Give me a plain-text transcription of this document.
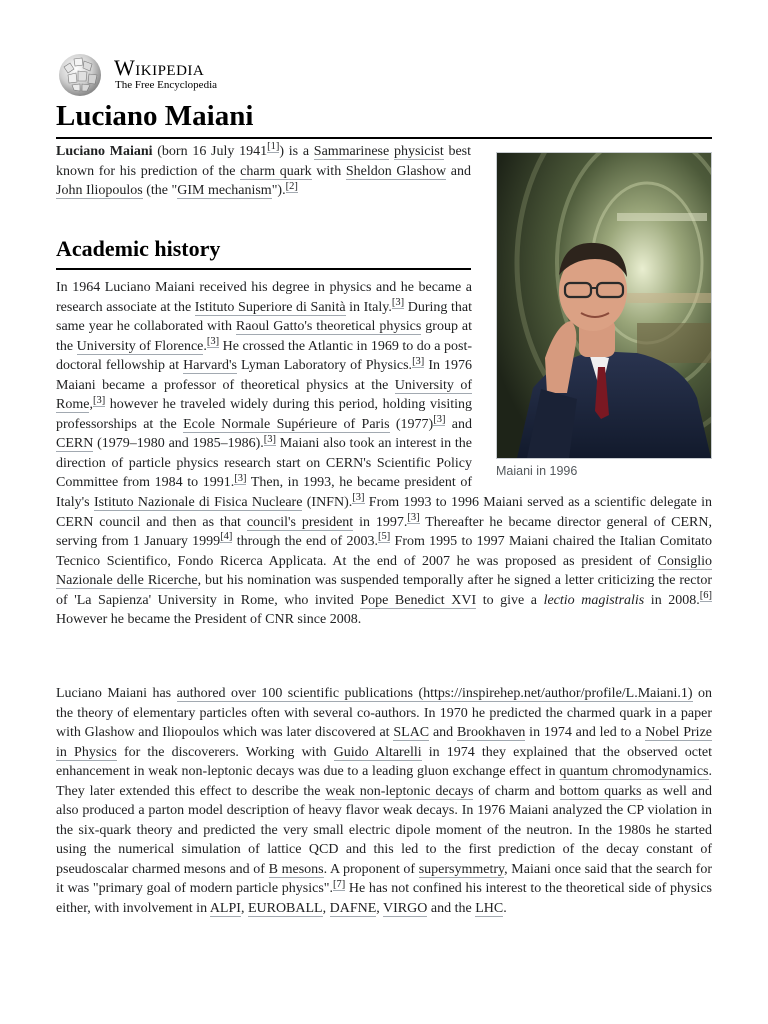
Wikipedia
The Free Encyclopedia
Luciano Maiani

Luciano Maiani (born 16 July 1941[1]) is a Sammarinese physicist best known for his prediction of the charm quark with Sheldon Glashow and John Iliopoulos (the "GIM mechanism").[2]

Academic history

Maiani in 1996
In 1964 Luciano Maiani received his degree in physics and he became a research associate at the Istituto Superiore di Sanità in Italy.[3] During that same year he collaborated with Raoul Gatto's theoretical physics group at the University of Florence.[3] He crossed the Atlantic in 1969 to do a post-doctoral fellowship at Harvard's Lyman Laboratory of Physics.[3] In 1976 Maiani became a professor of theoretical physics at the University of Rome,[3] however he traveled widely during this period, holding visiting professorships at the Ecole Normale Supérieure of Paris (1977)[3] and CERN (1979–1980 and 1985–1986).[3] Maiani also took an interest in the direction of particle physics research start on CERN's Scientific Policy Committee from 1984 to 1991.[3] Then, in 1993, he became president of Italy's Istituto Nazionale di Fisica Nucleare (INFN).[3] From 1993 to 1996 Maiani served as a scientific delegate in CERN council and then as that council's president in 1997.[3] Thereafter he became director general of CERN, serving from 1 January 1999[4] through the end of 2003.[5] From 1995 to 1997 Maiani chaired the Italian Comitato Tecnico Scientifico, Fondo Ricerca Applicata. At the end of 2007 he was proposed as president of Consiglio Nazionale delle Ricerche, but his nomination was suspended temporally after he signed a letter criticizing the rector of 'La Sapienza' University in Rome, who invited Pope Benedict XVI to give a lectio magistralis in 2008.[6] However he became the President of CNR since 2008.

Luciano Maiani has authored over 100 scientific publications (https://inspirehep.net/author/profile/L.Maiani.1) on the theory of elementary particles often with several co-authors. In 1970 he predicted the charmed quark in a paper with Glashow and Iliopoulos which was later discovered at SLAC and Brookhaven in 1974 and led to a Nobel Prize in Physics for the discoverers. Working with Guido Altarelli in 1974 they explained that the observed octet enhancement in weak non-leptonic decays was due to a leading gluon exchange effect in quantum chromodynamics. They later extended this effect to describe the weak non-leptonic decays of charm and bottom quarks as well and also produced a parton model description of heavy flavor weak decays. In 1976 Maiani analyzed the CP violation in the six-quark theory and predicted the very small electric dipole moment of the neutron. In the 1980s he started using the numerical simulation of lattice QCD and this led to the first prediction of the decay constant of pseudoscalar charmed mesons and of B mesons. A proponent of supersymmetry, Maiani once said that the search for it was "primary goal of modern particle physics".[7] He has not confined his interest to the theoretical side of physics either, with involvement in ALPI, EUROBALL, DAFNE, VIRGO and the LHC.
